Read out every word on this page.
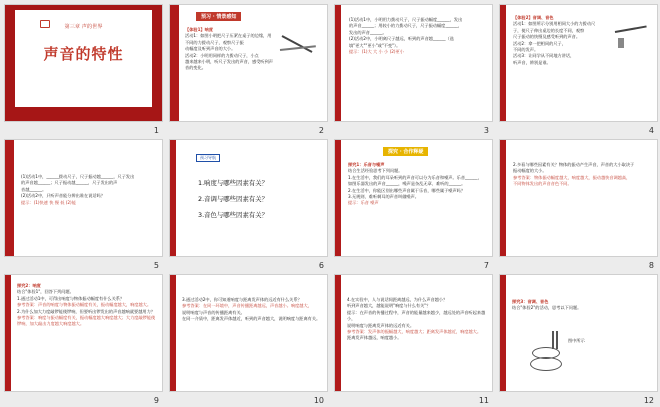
第三章 声的世界
声音的特性
第一PPT模板网-WWW.1PPT.COM
1
预习 · 情景感知
【体验1】响度
活动1：如图小明把尺子压紧在桌子的边缘，用不同的力拨动尺子，观察尺子振
动幅度及听到声音的大小。
活动2：小明用同样的力拨动尺子，小点
越来越来小明，听尺子发出的声音，感受听到声音的变化。
2
(1)活动1中，小明用力拨动尺子，尺子振动幅度______，发出
的声音______；用较小的力拨动尺子，尺子振动幅度______，
发出的声音______。
(2)活动2中，小明离尺子越远，听到的声音越______（选
填"更大""更小"或"不变"）。
提示：(1)大 大 小 小 (2)更小
3
【体验2】音调、音色
活动1：如图所示分别用相同大小的力拨动尺
子，使尺子伸出桌边的长度不同，观察
尺子振动的快慢及感受听到的声音。
活动2：拿一把相同的尺子，
不同的发声。
活动3：让同学从不同地方讲话，
听声音，辨别是谁。
4
(1)活动1中，______拨动尺子，尺子振动越______，尺子发出
的声音越______；尺子振动越______，尺子发出的声
音越______。
(2)活动2中，只听声音能分辨出谁在说话吗？
提示：(1)快速 快 慢 低 (2)能
5
预习导航
1.响度与哪些因素有关？
2.音调与哪些因素有关？
3.音色与哪些因素有关？
6
探究 · 合作释疑
探究1：乐音与噪声
结合生活经验思考下列问题。
1.在生活中，我们的耳朵听到的声音可以分为乐音和噪声。乐音______，
如图乐器发出的声音______，噪声是杂乱无章、难听的______。
2.在生活中，你能区别出哪些声音属于乐音，哪些属于噪声吗？
3.无规则、难听刺耳的声音叫做噪声。
提示：乐音 噪声
7
2.多看与哪些因素有关？物体的振动产生声音，声音的大小取决于
振动幅度的大小。
参考答案：物体振动幅度越大，响度越大，振动越快音调越高，
不同物体发出的声音音色不同。
8
探究2：响度
结合"体验1"，回答下列问题。
1.通过活动1中，可得出响度与物体振动幅度有什么关系？
参考答案：声音的响度与物体振动幅度有关，振动幅度越大，响度越大。
2.为什么加大力度敲锣能使锣响，但要听出锣发出的声音越响就要越用力？
参考答案：响度与振动幅度有关，振动幅度越大响度越大；大力度敲锣能使锣响，加大敲击力度越大响度越大。
9
3.通过活动2中，你可知道响度与距离发声体的远近有什么关系？
参考答案：在同一环境中，声音传播距离越远，声音越小。响度越大，
说明响度与声音的传播距离有关。
在同一介质中，距离发声体越近，听到的声音越大，说明响度与距离有关。
10
4.在实验中，人与说话间距离越远，为什么声音越小？
听到声音越大，越能说明"响度与什么有关"？
提示：在声音的传播过程中，声音的能量越来越少，越远处的声音听起来越小，
说明响度与距离发声体的远近有关。
参考答案：发声体的振幅越大，响度越大；距离发声体越近，响度越大。
距离发声体越远，响度越小。
11
探究3：音调、音色
结合"体验2"的活动，思考以下问题。
图中所示
12
